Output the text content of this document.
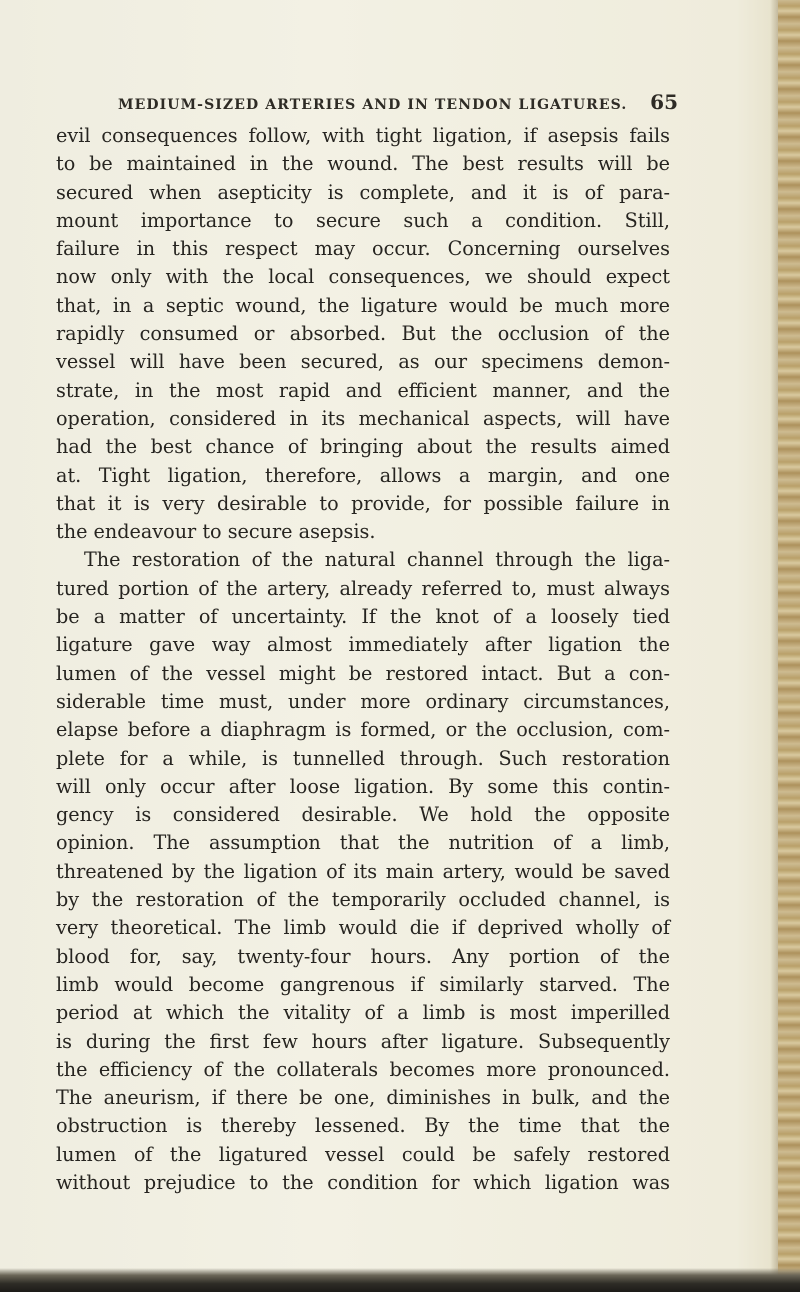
MEDIUM-SIZED ARTERIES AND IN TENDON LIGATURES. 65
evil consequences follow, with tight ligation, if asepsis fails
to be maintained in the wound. The best results will be
secured when asepticity is complete, and it is of para-
mount importance to secure such a condition. Still,
failure in this respect may occur. Concerning ourselves
now only with the local consequences, we should expect
that, in a septic wound, the ligature would be much more
rapidly consumed or absorbed. But the occlusion of the
vessel will have been secured, as our specimens demon-
strate, in the most rapid and efficient manner, and the
operation, considered in its mechanical aspects, will have
had the best chance of bringing about the results aimed
at. Tight ligation, therefore, allows a margin, and one
that it is very desirable to provide, for possible failure in
the endeavour to secure asepsis.
The restoration of the natural channel through the liga-
tured portion of the artery, already referred to, must always
be a matter of uncertainty. If the knot of a loosely tied
ligature gave way almost immediately after ligation the
lumen of the vessel might be restored intact. But a con-
siderable time must, under more ordinary circumstances,
elapse before a diaphragm is formed, or the occlusion, com-
plete for a while, is tunnelled through. Such restoration
will only occur after loose ligation. By some this contin-
gency is considered desirable. We hold the opposite
opinion. The assumption that the nutrition of a limb,
threatened by the ligation of its main artery, would be saved
by the restoration of the temporarily occluded channel, is
very theoretical. The limb would die if deprived wholly of
blood for, say, twenty-four hours. Any portion of the
limb would become gangrenous if similarly starved. The
period at which the vitality of a limb is most imperilled
is during the first few hours after ligature. Subsequently
the efficiency of the collaterals becomes more pronounced.
The aneurism, if there be one, diminishes in bulk, and the
obstruction is thereby lessened. By the time that the
lumen of the ligatured vessel could be safely restored
without prejudice to the condition for which ligation was
